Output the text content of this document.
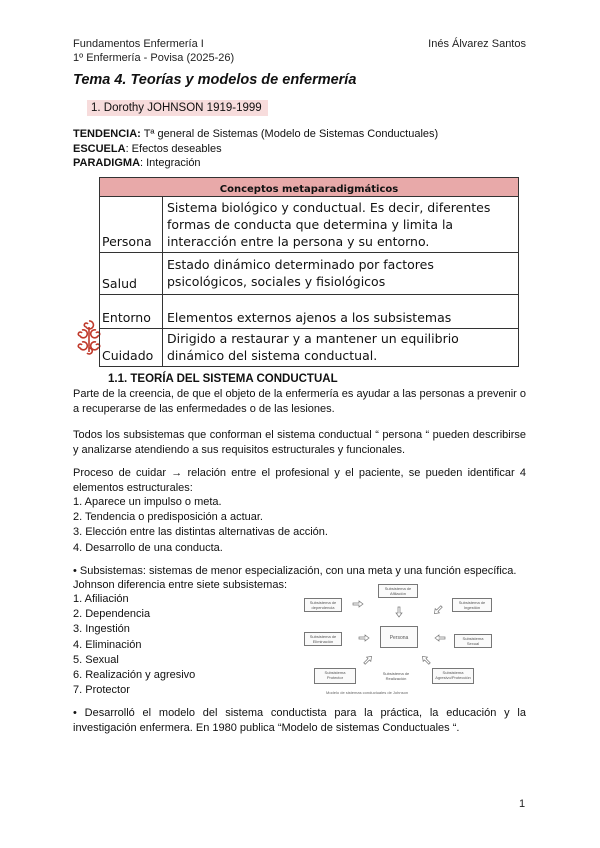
Fundamentos Enfermería I	Inés Álvarez Santos
1º Enfermería - Povisa (2025-26)
Tema 4. Teorías y modelos de enfermería
1. Dorothy JOHNSON 1919-1999
TENDENCIA: Tª general de Sistemas (Modelo de Sistemas Conductuales)
ESCUELA: Efectos deseables
PARADIGMA: Integración
Conceptos metaparadigmáticos	
Persona	Sistema biológico y conductual. Es decir, diferentes formas de conducta que determina y limita la interacción entre la persona y su entorno.
Salud	Estado dinámico determinado por factores psicológicos, sociales y fisiológicos
Entorno	Elementos externos ajenos a los subsistemas
Cuidado	Dirigido a restaurar y a mantener un equilibrio dinámico del sistema conductual.
1.1. TEORÍA DEL SISTEMA CONDUCTUAL
Parte de la creencia, de que el objeto de la enfermería es ayudar a las personas a prevenir o a recuperarse de las enfermedades o de las lesiones.
Todos los subsistemas que conforman el sistema conductual “ persona “ pueden describirse y analizarse atendiendo a sus requisitos estructurales y funcionales.
Proceso de cuidar → relación entre el profesional y el paciente, se pueden identificar 4 elementos estructurales:
1. Aparece un impulso o meta.
2. Tendencia o predisposición a actuar.
3. Elección entre las distintas alternativas de acción.
4. Desarrollo de una conducta.
• Subsistemas: sistemas de menor especialización, con una meta y una función específica.
Johnson diferencia entre siete subsistemas:
1. Afiliación
2. Dependencia
3. Ingestión
4. Eliminación
5. Sexual
6. Realización y agresivo
7. Protector
Subsistema de dependencia
Subsistema de Afiliación
Subsistema de Ingestión
Subsistema de Eliminación
Persona	Subsistema Sexual
Subsistema Protector
Subsistema Agresivo/Protección
Subsistema de Realización
Modelo de sistemas conductuales de Johnson
• Desarrolló el modelo del sistema conductista para la práctica, la educación y la investigación enfermera. En 1980 publica “Modelo de sistemas Conductuales “.
1
